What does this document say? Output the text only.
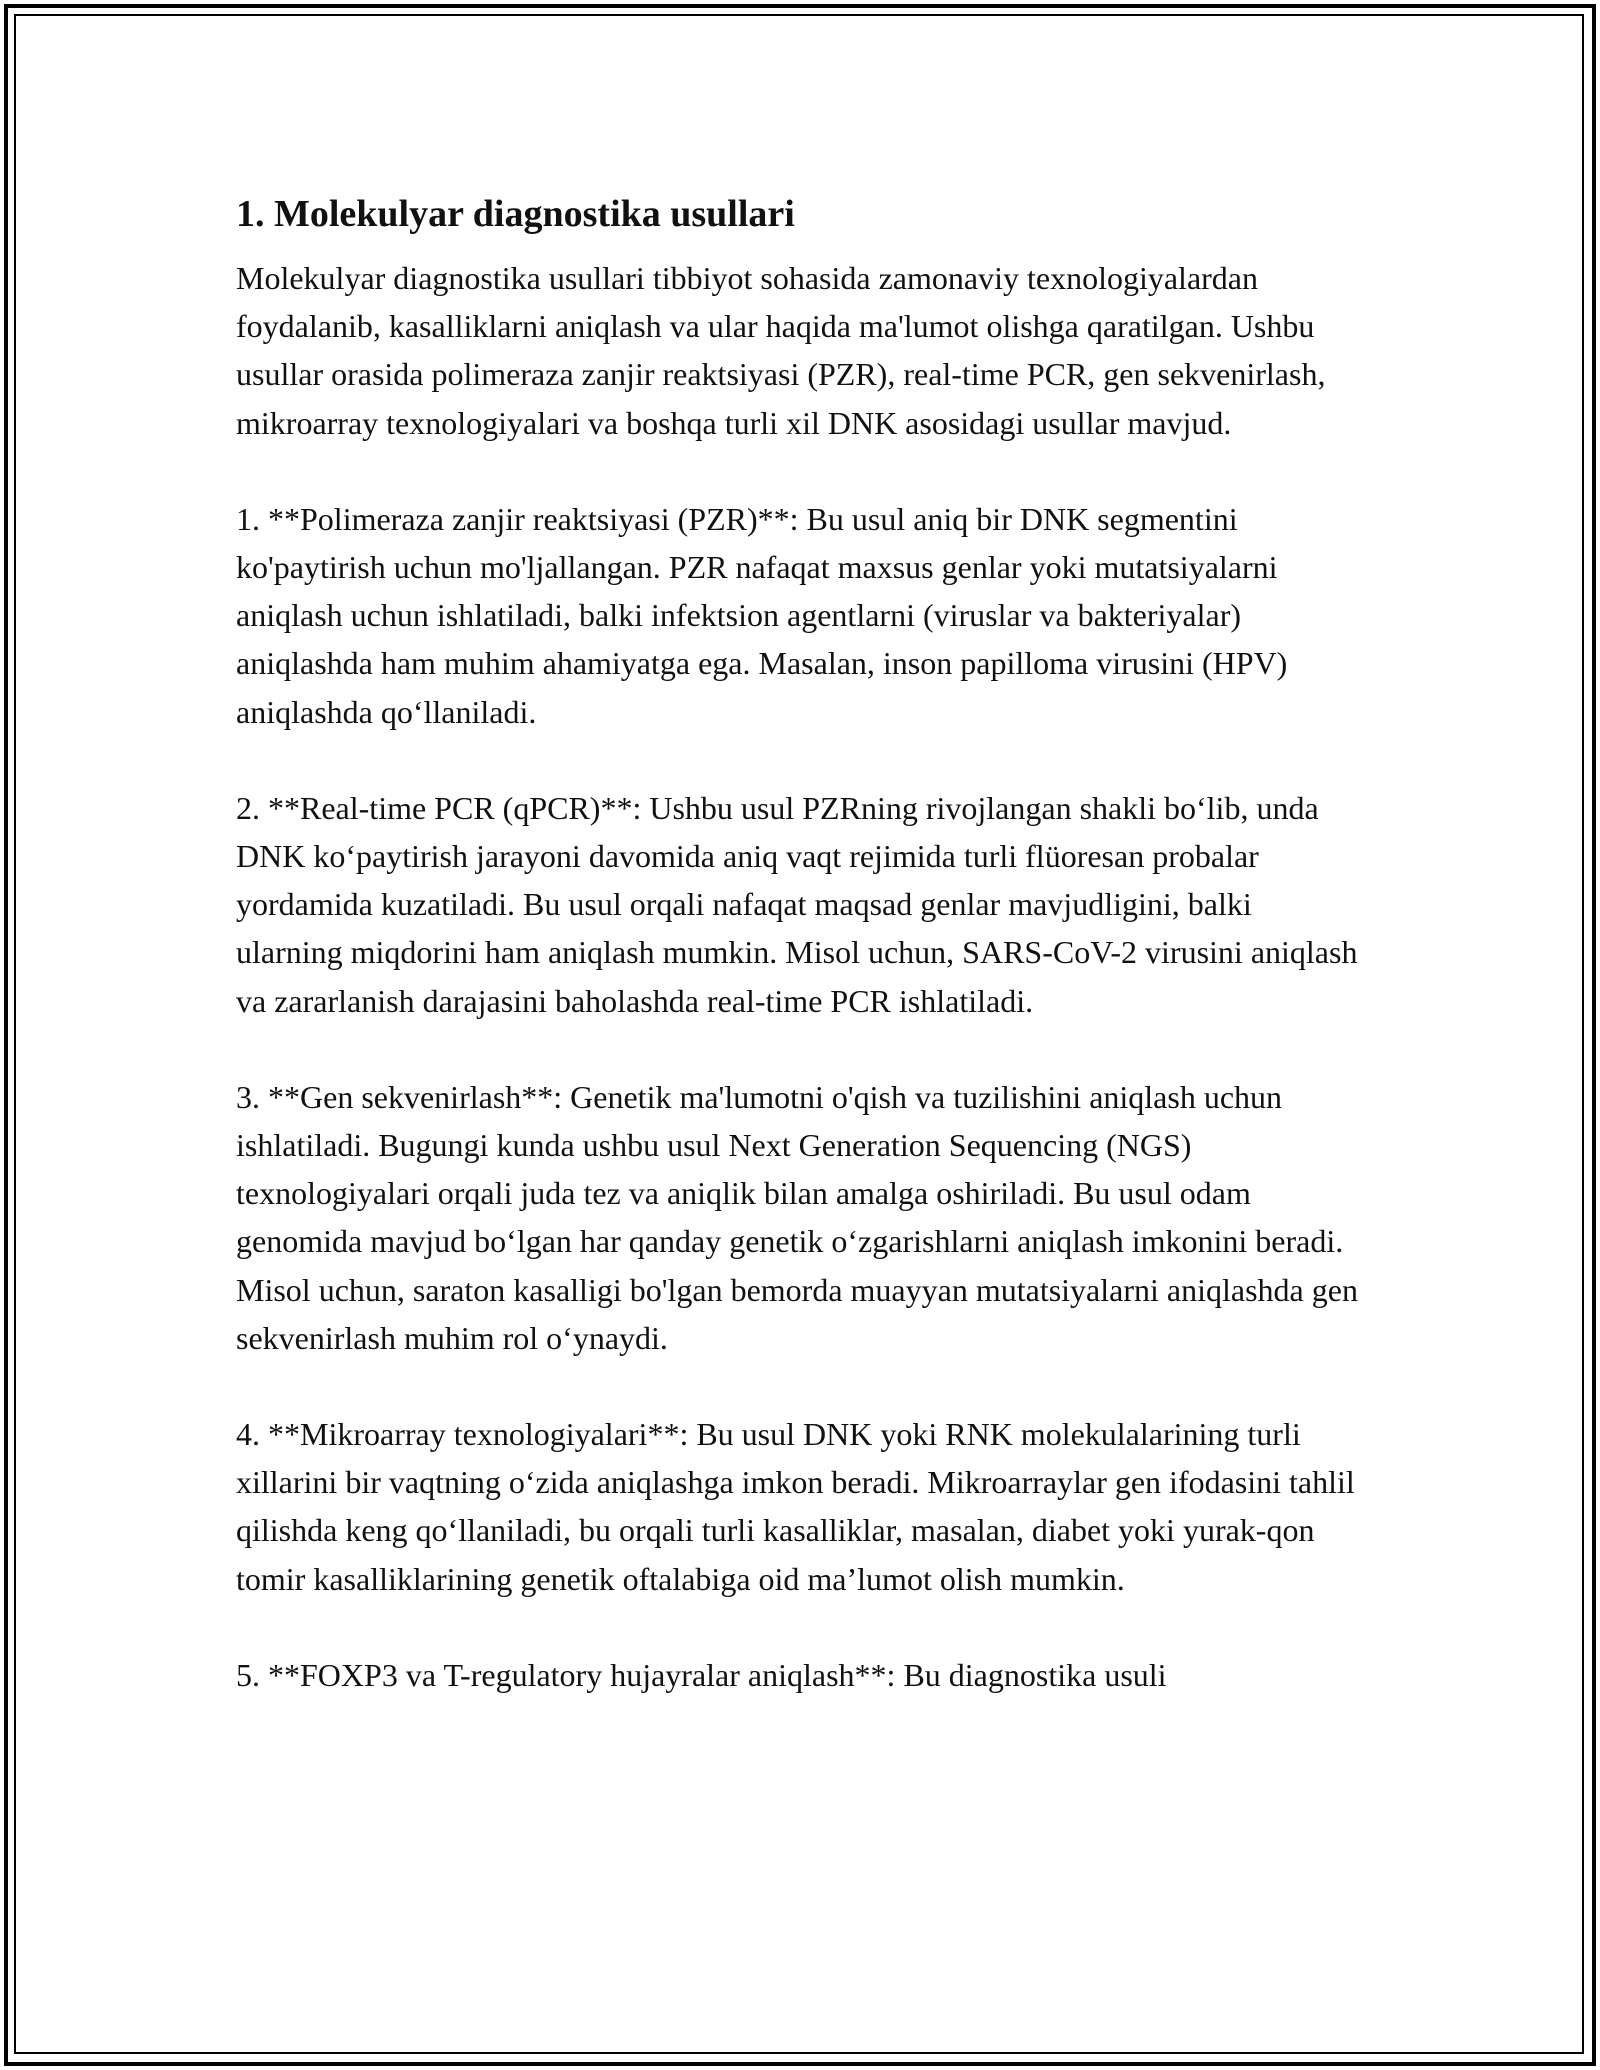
1. Molekulyar diagnostika usullari

Molekulyar diagnostika usullari tibbiyot sohasida zamonaviy texnologiyalardan foydalanib, kasalliklarni aniqlash va ular haqida ma'lumot olishga qaratilgan. Ushbu usullar orasida polimeraza zanjir reaktsiyasi (PZR), real-time PCR, gen sekvenirlash, mikroarray texnologiyalari va boshqa turli xil DNK asosidagi usullar mavjud.

1. **Polimeraza zanjir reaktsiyasi (PZR)**: Bu usul aniq bir DNK segmentini ko'paytirish uchun mo'ljallangan. PZR nafaqat maxsus genlar yoki mutatsiyalarni aniqlash uchun ishlatiladi, balki infektsion agentlarni (viruslar va bakteriyalar) aniqlashda ham muhim ahamiyatga ega. Masalan, inson papilloma virusini (HPV) aniqlashda qo‘llaniladi.

2. **Real-time PCR (qPCR)**: Ushbu usul PZRning rivojlangan shakli bo‘lib, unda DNK ko‘paytirish jarayoni davomida aniq vaqt rejimida turli flüoresan probalar yordamida kuzatiladi. Bu usul orqali nafaqat maqsad genlar mavjudligini, balki ularning miqdorini ham aniqlash mumkin. Misol uchun, SARS-CoV-2 virusini aniqlash va zararlanish darajasini baholashda real-time PCR ishlatiladi.

3. **Gen sekvenirlash**: Genetik ma'lumotni o'qish va tuzilishini aniqlash uchun ishlatiladi. Bugungi kunda ushbu usul Next Generation Sequencing (NGS) texnologiyalari orqali juda tez va aniqlik bilan amalga oshiriladi. Bu usul odam genomida mavjud bo‘lgan har qanday genetik o‘zgarishlarni aniqlash imkonini beradi. Misol uchun, saraton kasalligi bo'lgan bemorda muayyan mutatsiyalarni aniqlashda gen sekvenirlash muhim rol o‘ynaydi.

4. **Mikroarray texnologiyalari**: Bu usul DNK yoki RNK molekulalarining turli xillarini bir vaqtning o‘zida aniqlashga imkon beradi. Mikroarraylar gen ifodasini tahlil qilishda keng qo‘llaniladi, bu orqali turli kasalliklar, masalan, diabet yoki yurak-qon tomir kasalliklarining genetik oftalabiga oid ma’lumot olish mumkin.

5. **FOXP3 va T-regulatory hujayralar aniqlash**: Bu diagnostika usuli
